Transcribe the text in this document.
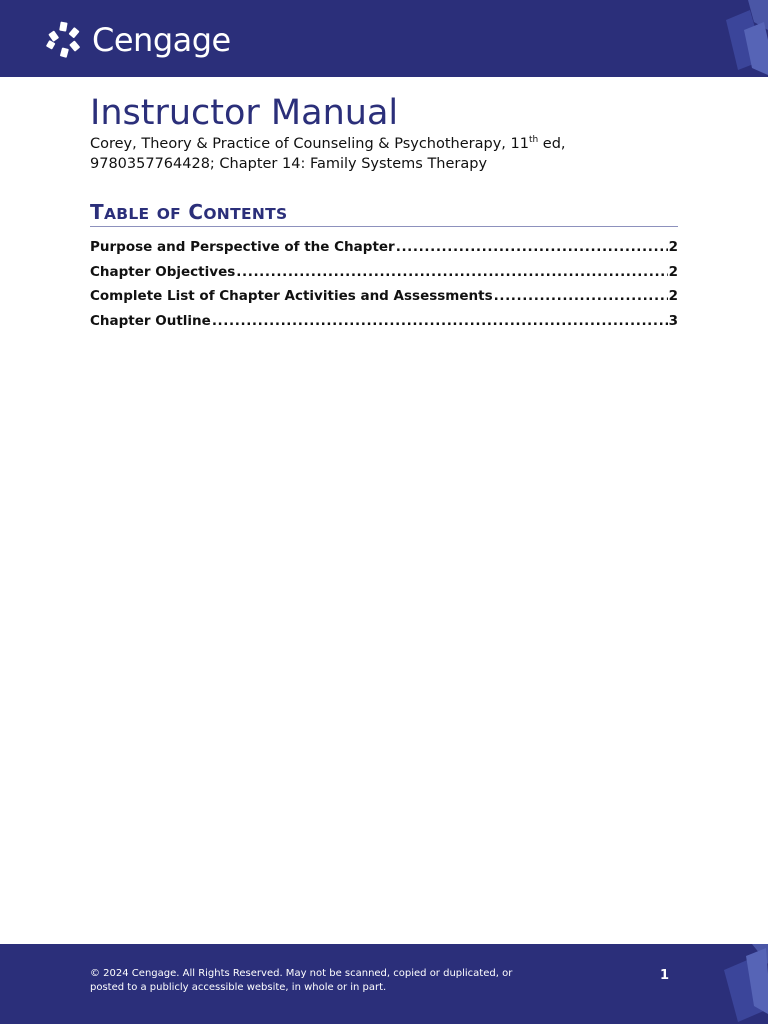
Cengage
Instructor Manual
Corey, Theory & Practice of Counseling & Psychotherapy, 11th ed,
9780357764428; Chapter 14: Family Systems Therapy
TABLE OF CONTENTS
Purpose and Perspective of the Chapter .....	2
Chapter Objectives .....	2
Complete List of Chapter Activities and Assessments .....	2
Chapter Outline .....	3
© 2024 Cengage. All Rights Reserved. May not be scanned, copied or duplicated, or
posted to a publicly accessible website, in whole or in part.
1
